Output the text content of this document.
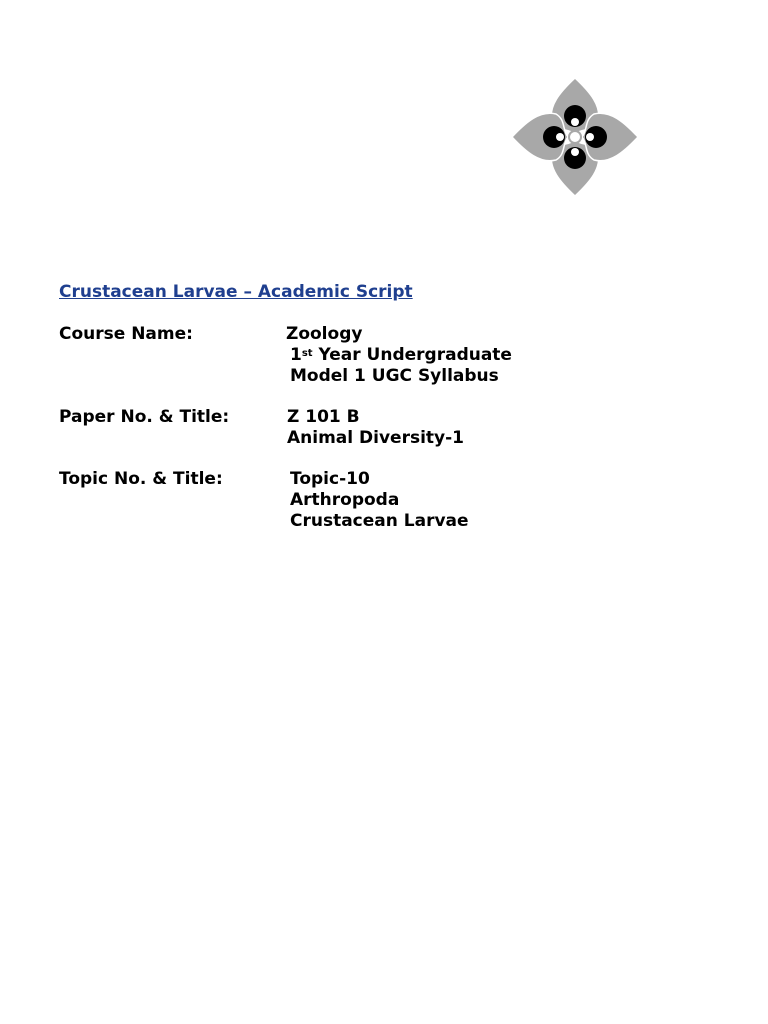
Crustacean Larvae – Academic Script
Course Name:	Zoology
1st Year Undergraduate
Model 1 UGC Syllabus
Paper No. & Title:	Z 101 B
Animal Diversity-1
Topic No. & Title:	Topic-10
Arthropoda
Crustacean Larvae
